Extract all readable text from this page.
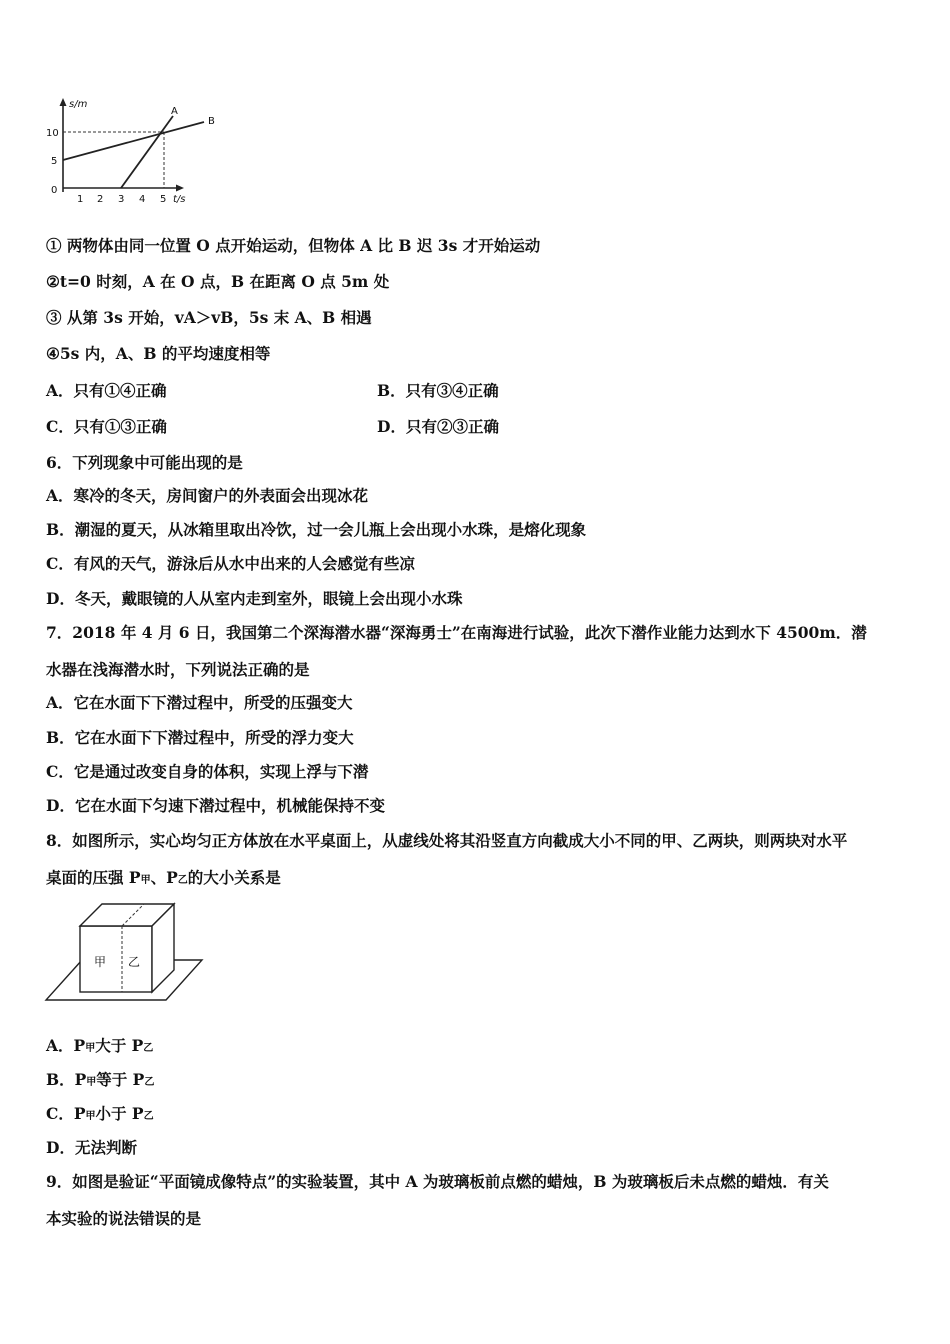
s/m
t/s
10
5
0
1 2 3 4 5
A
B
① 两物体由同一位置 O 点开始运动，但物体 A 比 B 迟 3s 才开始运动
②t=0 时刻，A 在 O 点，B 在距离 O 点 5m 处
③ 从第 3s 开始，vA＞vB，5s 末 A、B 相遇
④5s 内，A、B 的平均速度相等
A．只有①④正确	B．只有③④正确
C．只有①③正确	D．只有②③正确
6．下列现象中可能出现的是
A．寒冷的冬天，房间窗户的外表面会出现冰花
B．潮湿的夏天，从冰箱里取出冷饮，过一会儿瓶上会出现小水珠，是熔化现象
C．有风的天气，游泳后从水中出来的人会感觉有些凉
D．冬天，戴眼镜的人从室内走到室外，眼镜上会出现小水珠
7．2018 年 4 月 6 日，我国第二个深海潜水器“深海勇士”在南海进行试验，此次下潜作业能力达到水下 4500m．潜
水器在浅海潜水时，下列说法正确的是
A．它在水面下下潜过程中，所受的压强变大
B．它在水面下下潜过程中，所受的浮力变大
C．它是通过改变自身的体积，实现上浮与下潜
D．它在水面下匀速下潜过程中，机械能保持不变
8．如图所示，实心均匀正方体放在水平桌面上，从虚线处将其沿竖直方向截成大小不同的甲、乙两块，则两块对水平
桌面的压强 P甲、P乙的大小关系是
甲 乙
A．P甲大于 P乙
B．P甲等于 P乙
C．P甲小于 P乙
D．无法判断
9．如图是验证“平面镜成像特点”的实验装置，其中 A 为玻璃板前点燃的蜡烛，B 为玻璃板后未点燃的蜡烛．有关
本实验的说法错误的是
